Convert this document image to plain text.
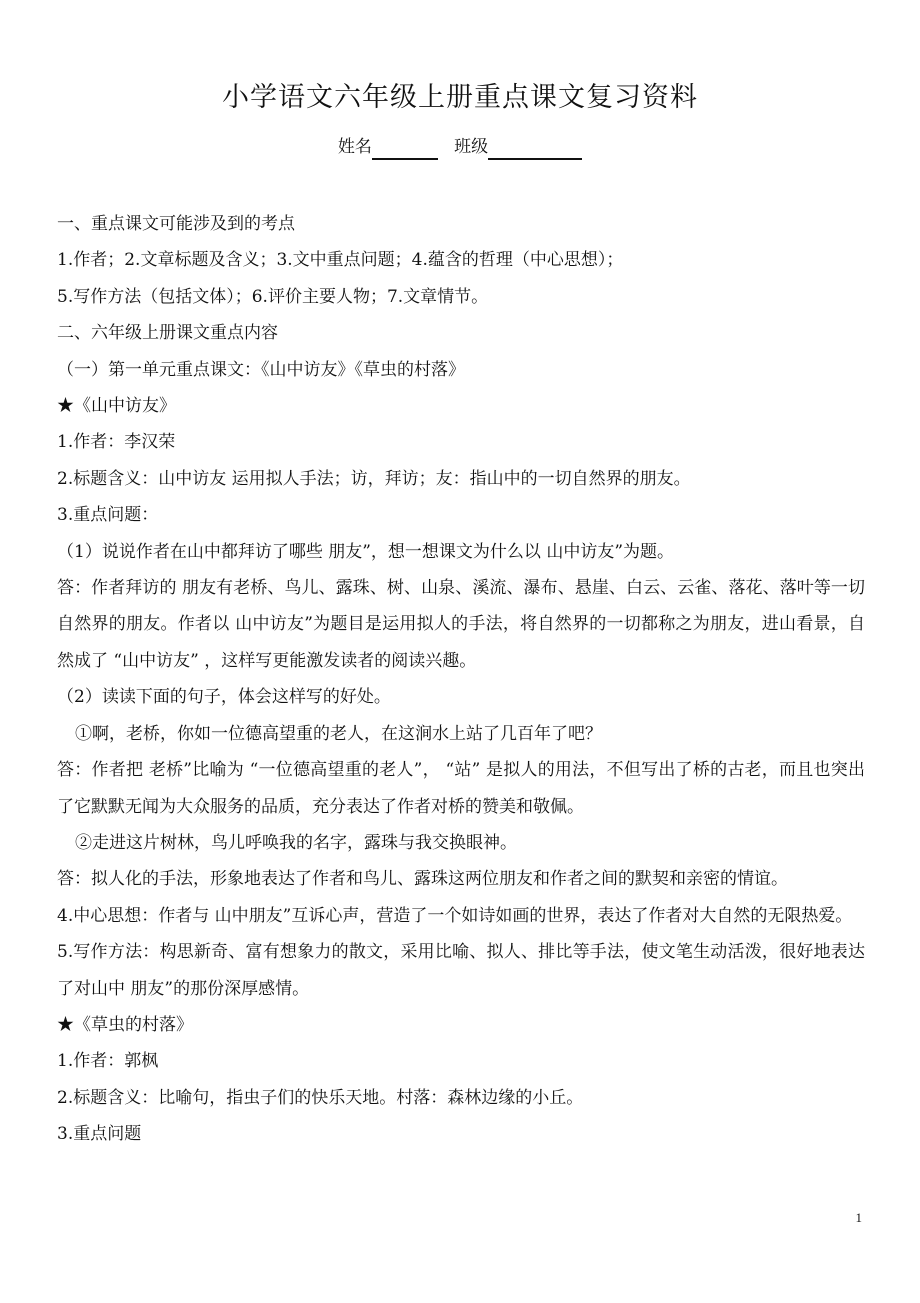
小学语文六年级上册重点课文复习资料
姓名	班级

一、重点课文可能涉及到的考点

1.作者；2.文章标题及含义；3.文中重点问题；4.蕴含的哲理（中心思想）；

5.写作方法（包括文体）；6.评价主要人物；7.文章情节。

二、六年级上册课文重点内容

（一）第一单元重点课文：《山中访友》《草虫的村落》

★《山中访友》

1.作者：李汉荣

2.标题含义：山中访友 运用拟人手法；访，拜访；友：指山中的一切自然界的朋友。

3.重点问题：

（1）说说作者在山中都拜访了哪些 朋友”，想一想课文为什么以 山中访友”为题。

答：作者拜访的 朋友有老桥、鸟儿、露珠、树、山泉、溪流、瀑布、悬崖、白云、云雀、落花、落叶等一切自然界的朋友。作者以 山中访友”为题目是运用拟人的手法，将自然界的一切都称之为朋友，进山看景，自然成了 “山中访友” ，这样写更能激发读者的阅读兴趣。

（2）读读下面的句子，体会这样写的好处。

①啊，老桥，你如一位德高望重的老人，在这涧水上站了几百年了吧？

答：作者把 老桥”比喻为 “一位德高望重的老人”， “站” 是拟人的用法，不但写出了桥的古老，而且也突出了它默默无闻为大众服务的品质，充分表达了作者对桥的赞美和敬佩。

②走进这片树林，鸟儿呼唤我的名字，露珠与我交换眼神。

答：拟人化的手法，形象地表达了作者和鸟儿、露珠这两位朋友和作者之间的默契和亲密的情谊。

4.中心思想：作者与 山中朋友”互诉心声，营造了一个如诗如画的世界，表达了作者对大自然的无限热爱。

5.写作方法：构思新奇、富有想象力的散文，采用比喻、拟人、排比等手法，使文笔生动活泼，很好地表达了对山中 朋友”的那份深厚感情。

★《草虫的村落》

1.作者：郭枫

2.标题含义：比喻句，指虫子们的快乐天地。村落：森林边缘的小丘。

3.重点问题

1
